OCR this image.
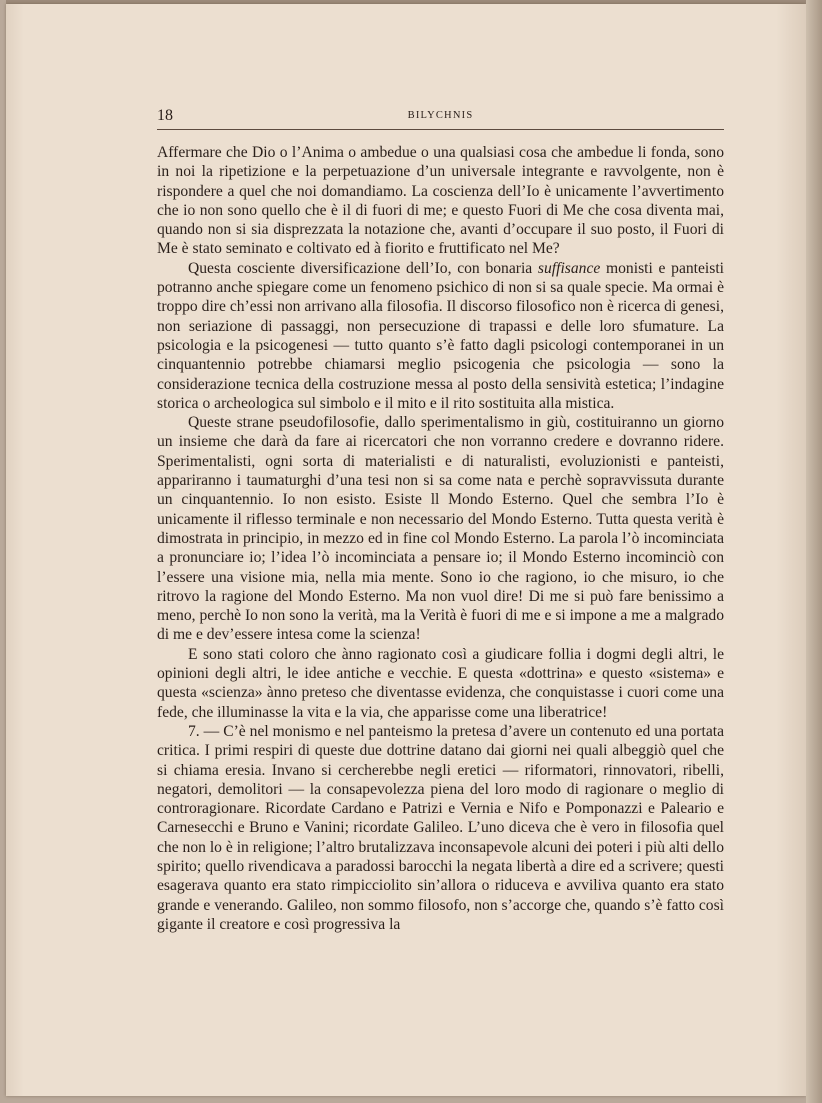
18	BILYCHNIS

Affermare che Dio o l’Anima o ambedue o una qualsiasi cosa che ambedue li fonda, sono in noi la ripetizione e la perpetuazione d’un universale integrante e ravvolgente, non è rispondere a quel che noi domandiamo. La coscienza dell’Io è unicamente l’avvertimento che io non sono quello che è il di fuori di me; e questo Fuori di Me che cosa diventa mai, quando non si sia disprezzata la notazione che, avanti d’occupare il suo posto, il Fuori di Me è stato seminato e coltivato ed à fiorito e fruttificato nel Me?

Questa cosciente diversificazione dell’Io, con bonaria suffisance monisti e panteisti potranno anche spiegare come un fenomeno psichico di non si sa quale specie. Ma ormai è troppo dire ch’essi non arrivano alla filosofia. Il discorso filosofico non è ricerca di genesi, non seriazione di passaggi, non persecuzione di trapassi e delle loro sfumature. La psicologia e la psicogenesi — tutto quanto s’è fatto dagli psicologi contemporanei in un cinquantennio potrebbe chiamarsi meglio psicogenia che psicologia — sono la considerazione tecnica della costruzione messa al posto della sensività estetica; l’indagine storica o archeologica sul simbolo e il mito e il rito sostituita alla mistica.

Queste strane pseudofilosofie, dallo sperimentalismo in giù, costituiranno un giorno un insieme che darà da fare ai ricercatori che non vorranno credere e dovranno ridere. Sperimentalisti, ogni sorta di materialisti e di naturalisti, evoluzionisti e panteisti, appariranno i taumaturghi d’una tesi non si sa come nata e perchè sopravvissuta durante un cinquantennio. Io non esisto. Esiste ll Mondo Esterno. Quel che sembra l’Io è unicamente il riflesso terminale e non necessario del Mondo Esterno. Tutta questa verità è dimostrata in principio, in mezzo ed in fine col Mondo Esterno. La parola l’ò incominciata a pronunciare io; l’idea l’ò incominciata a pensare io; il Mondo Esterno incominciò con l’essere una visione mia, nella mia mente. Sono io che ragiono, io che misuro, io che ritrovo la ragione del Mondo Esterno. Ma non vuol dire! Di me si può fare benissimo a meno, perchè Io non sono la verità, ma la Verità è fuori di me e si impone a me a malgrado di me e dev’essere intesa come la scienza!

E sono stati coloro che ànno ragionato così a giudicare follia i dogmi degli altri, le opinioni degli altri, le idee antiche e vecchie. E questa «dottrina» e questo «sistema» e questa «scienza» ànno preteso che diventasse evidenza, che conquistasse i cuori come una fede, che illuminasse la vita e la via, che apparisse come una liberatrice!

7. — C’è nel monismo e nel panteismo la pretesa d’avere un contenuto ed una portata critica. I primi respiri di queste due dottrine datano dai giorni nei quali albeggiò quel che si chiama eresia. Invano si cercherebbe negli eretici — riformatori, rinnovatori, ribelli, negatori, demolitori — la consapevolezza piena del loro modo di ragionare o meglio di controragionare. Ricordate Cardano e Patrizi e Vernia e Nifo e Pomponazzi e Paleario e Carnesecchi e Bruno e Vanini; ricordate Galileo. L’uno diceva che è vero in filosofia quel che non lo è in religione; l’altro brutalizzava inconsapevole alcuni dei poteri i più alti dello spirito; quello rivendicava a paradossi barocchi la negata libertà a dire ed a scrivere; questi esagerava quanto era stato rimpicciolito sin’allora o riduceva e avviliva quanto era stato grande e venerando. Galileo, non sommo filosofo, non s’accorge che, quando s’è fatto così gigante il creatore e così progressiva la
